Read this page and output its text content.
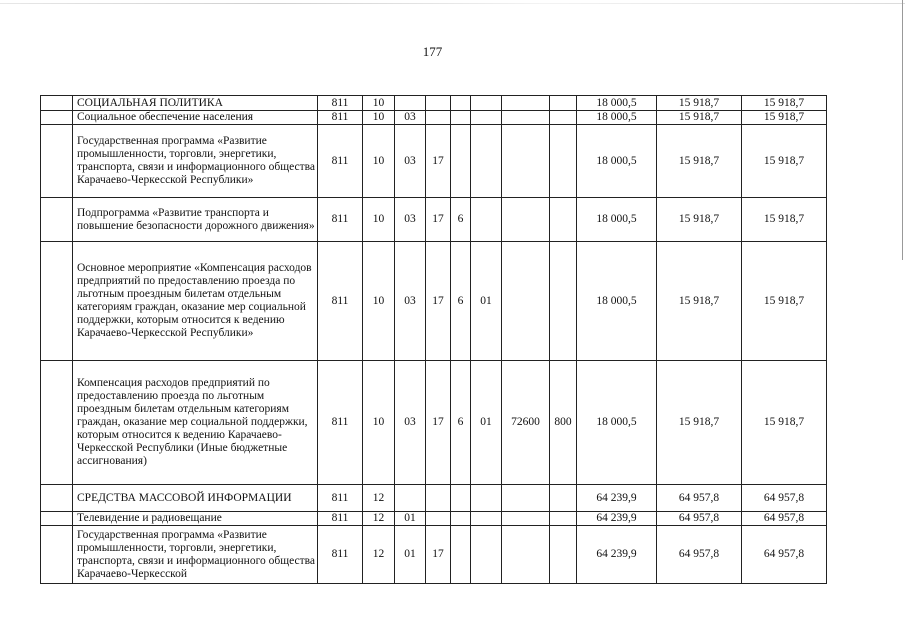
177
	СОЦИАЛЬНАЯ ПОЛИТИКА	811	10							18 000,5	15 918,7	15 918,7
	Социальное обеспечение населения	811	10	03						18 000,5	15 918,7	15 918,7
	Государственная программа «Развитие промышленности, торговли, энергетики, транспорта, связи и информационного общества Карачаево-Черкесской Республики»	811	10	03	17					18 000,5	15 918,7	15 918,7
	Подпрограмма «Развитие транспорта и повышение безопасности дорожного движения»	811	10	03	17	6				18 000,5	15 918,7	15 918,7
	Основное мероприятие «Компенсация расходов предприятий по предоставлению проезда по льготным проездным билетам отдельным категориям граждан, оказание мер социальной поддержки, которым относится к ведению Карачаево-Черкесской Республики»	811	10	03	17	6	01			18 000,5	15 918,7	15 918,7
	Компенсация расходов предприятий по предоставлению проезда по льготным проездным билетам отдельным категориям граждан, оказание мер социальной поддержки, которым относится к ведению Карачаево-Черкесской Республики (Иные бюджетные ассигнования)	811	10	03	17	6	01	72600	800	18 000,5	15 918,7	15 918,7
	СРЕДСТВА МАССОВОЙ ИНФОРМАЦИИ	811	12							64 239,9	64 957,8	64 957,8
	Телевидение и радиовещание	811	12	01						64 239,9	64 957,8	64 957,8
	Государственная программа «Развитие промышленности, торговли, энергетики, транспорта, связи и информационного общества Карачаево-Черкесской	811	12	01	17					64 239,9	64 957,8	64 957,8
